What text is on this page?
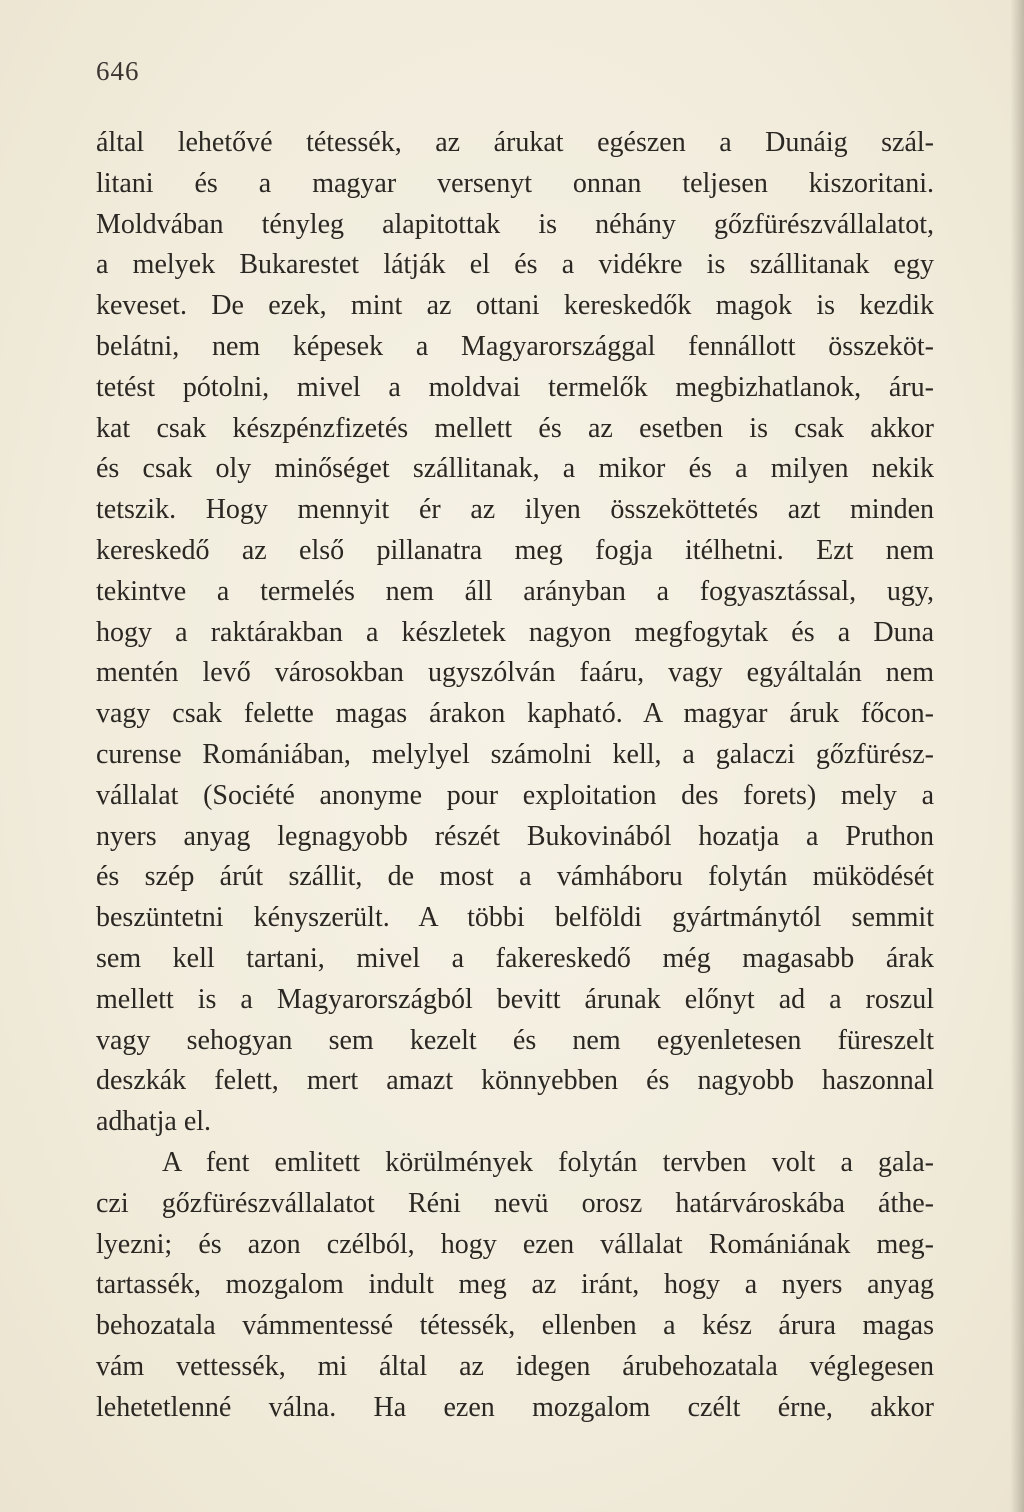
646
által lehetővé tétessék, az árukat egészen a Dunáig szál-
litani és a magyar versenyt onnan teljesen kiszoritani.
Moldvában tényleg alapitottak is néhány gőzfürészvállalatot,
a melyek Bukarestet látják el és a vidékre is szállitanak egy
keveset. De ezek, mint az ottani kereskedők magok is kezdik
belátni, nem képesek a Magyarországgal fennállott összeköt-
tetést pótolni, mivel a moldvai termelők megbizhatlanok, áru-
kat csak készpénzfizetés mellett és az esetben is csak akkor
és csak oly minőséget szállitanak, a mikor és a milyen nekik
tetszik. Hogy mennyit ér az ilyen összeköttetés azt minden
kereskedő az első pillanatra meg fogja itélhetni. Ezt nem
tekintve a termelés nem áll arányban a fogyasztással, ugy,
hogy a raktárakban a készletek nagyon megfogytak és a Duna
mentén levő városokban ugyszólván faáru, vagy egyáltalán nem
vagy csak felette magas árakon kapható. A magyar áruk főcon-
curense Romániában, melylyel számolni kell, a galaczi gőzfürész-
vállalat (Société anonyme pour exploitation des forets) mely a
nyers anyag legnagyobb részét Bukovinából hozatja a Pruthon
és szép árút szállit, de most a vámháboru folytán müködését
beszüntetni kényszerült. A többi belföldi gyártmánytól semmit
sem kell tartani, mivel a fakereskedő még magasabb árak
mellett is a Magyarországból bevitt árunak előnyt ad a roszul
vagy sehogyan sem kezelt és nem egyenletesen füreszelt
deszkák felett, mert amazt könnyebben és nagyobb haszonnal
adhatja el.
A fent emlitett körülmények folytán tervben volt a gala-
czi gőzfürészvállalatot Réni nevü orosz határvároskába áthe-
lyezni; és azon czélból, hogy ezen vállalat Romániának meg-
tartassék, mozgalom indult meg az iránt, hogy a nyers anyag
behozatala vámmentessé tétessék, ellenben a kész árura magas
vám vettessék, mi által az idegen árubehozatala véglegesen
lehetetlenné válna. Ha ezen mozgalom czélt érne, akkor
